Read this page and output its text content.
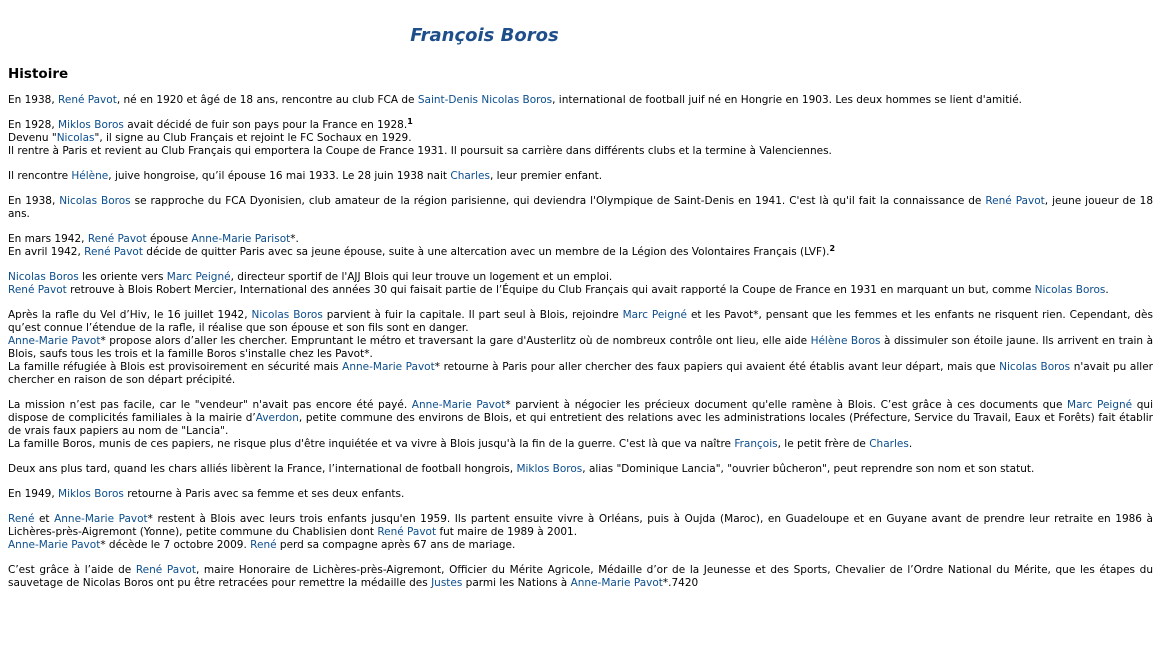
François Boros
Histoire

En 1938, René Pavot, né en 1920 et âgé de 18 ans, rencontre au club FCA de Saint-Denis Nicolas Boros, international de football juif né en Hongrie en 1903. Les deux hommes se lient d'amitié.

En 1928, Miklos Boros avait décidé de fuir son pays pour la France en 1928.$^1$
Devenu "Nicolas", il signe au Club Français et rejoint le FC Sochaux en 1929.
Il rentre à Paris et revient au Club Français qui emportera la Coupe de France 1931. Il poursuit sa carrière dans différents clubs et la termine à Valenciennes.

Il rencontre Hélène, juive hongroise, qu’il épouse 16 mai 1933. Le 28 juin 1938 nait Charles, leur premier enfant.

En 1938, Nicolas Boros se rapproche du FCA Dyonisien, club amateur de la région parisienne, qui deviendra l'Olympique de Saint-Denis en 1941. C'est là qu'il fait la connaissance de René Pavot, jeune joueur de 18 ans.

En mars 1942, René Pavot épouse Anne-Marie Parisot*.
En avril 1942, René Pavot décide de quitter Paris avec sa jeune épouse, suite à une altercation avec un membre de la Légion des Volontaires Français (LVF).$^2$

Nicolas Boros les oriente vers Marc Peigné, directeur sportif de l'AJJ Blois qui leur trouve un logement et un emploi.
René Pavot retrouve à Blois Robert Mercier, International des années 30 qui faisait partie de l’Équipe du Club Français qui avait rapporté la Coupe de France en 1931 en marquant un but, comme Nicolas Boros.

Après la rafle du Vel d’Hiv, le 16 juillet 1942, Nicolas Boros parvient à fuir la capitale. Il part seul à Blois, rejoindre Marc Peigné et les Pavot*, pensant que les femmes et les enfants ne risquent rien. Cependant, dès qu’est connue l’étendue de la rafle, il réalise que son épouse et son fils sont en danger.
Anne-Marie Pavot* propose alors d’aller les chercher. Empruntant le métro et traversant la gare d'Austerlitz où de nombreux contrôle ont lieu, elle aide Hélène Boros à dissimuler son étoile jaune. Ils arrivent en train à Blois, saufs tous les trois et la famille Boros s'installe chez les Pavot*.
La famille réfugiée à Blois est provisoirement en sécurité mais Anne-Marie Pavot* retourne à Paris pour aller chercher des faux papiers qui avaient été établis avant leur départ, mais que Nicolas Boros n'avait pu aller chercher en raison de son départ précipité.

La mission n’est pas facile, car le "vendeur" n'avait pas encore été payé. Anne-Marie Pavot* parvient à négocier les précieux document qu'elle ramène à Blois. C’est grâce à ces documents que Marc Peigné qui dispose de complicités familiales à la mairie d’Averdon, petite commune des environs de Blois, et qui entretient des relations avec les administrations locales (Préfecture, Service du Travail, Eaux et Forêts) fait établir de vrais faux papiers au nom de "Lancia".
La famille Boros, munis de ces papiers, ne risque plus d'être inquiétée et va vivre à Blois jusqu'à la fin de la guerre. C'est là que va naître François, le petit frère de Charles.

Deux ans plus tard, quand les chars alliés libèrent la France, l’international de football hongrois, Miklos Boros, alias "Dominique Lancia", "ouvrier bûcheron", peut reprendre son nom et son statut.

En 1949, Miklos Boros retourne à Paris avec sa femme et ses deux enfants.

René et Anne-Marie Pavot* restent à Blois avec leurs trois enfants jusqu'en 1959. Ils partent ensuite vivre à Orléans, puis à Oujda (Maroc), en Guadeloupe et en Guyane avant de prendre leur retraite en 1986 à Lichères-près-Aigremont (Yonne), petite commune du Chablisien dont René Pavot fut maire de 1989 à 2001.
Anne-Marie Pavot* décède le 7 octobre 2009. René perd sa compagne après 67 ans de mariage.

C’est grâce à l’aide de René Pavot, maire Honoraire de Lichères-près-Aigremont, Officier du Mérite Agricole, Médaille d’or de la Jeunesse et des Sports, Chevalier de l’Ordre National du Mérite, que les étapes du sauvetage de Nicolas Boros ont pu être retracées pour remettre la médaille des Justes parmi les Nations à Anne-Marie Pavot*.7420
